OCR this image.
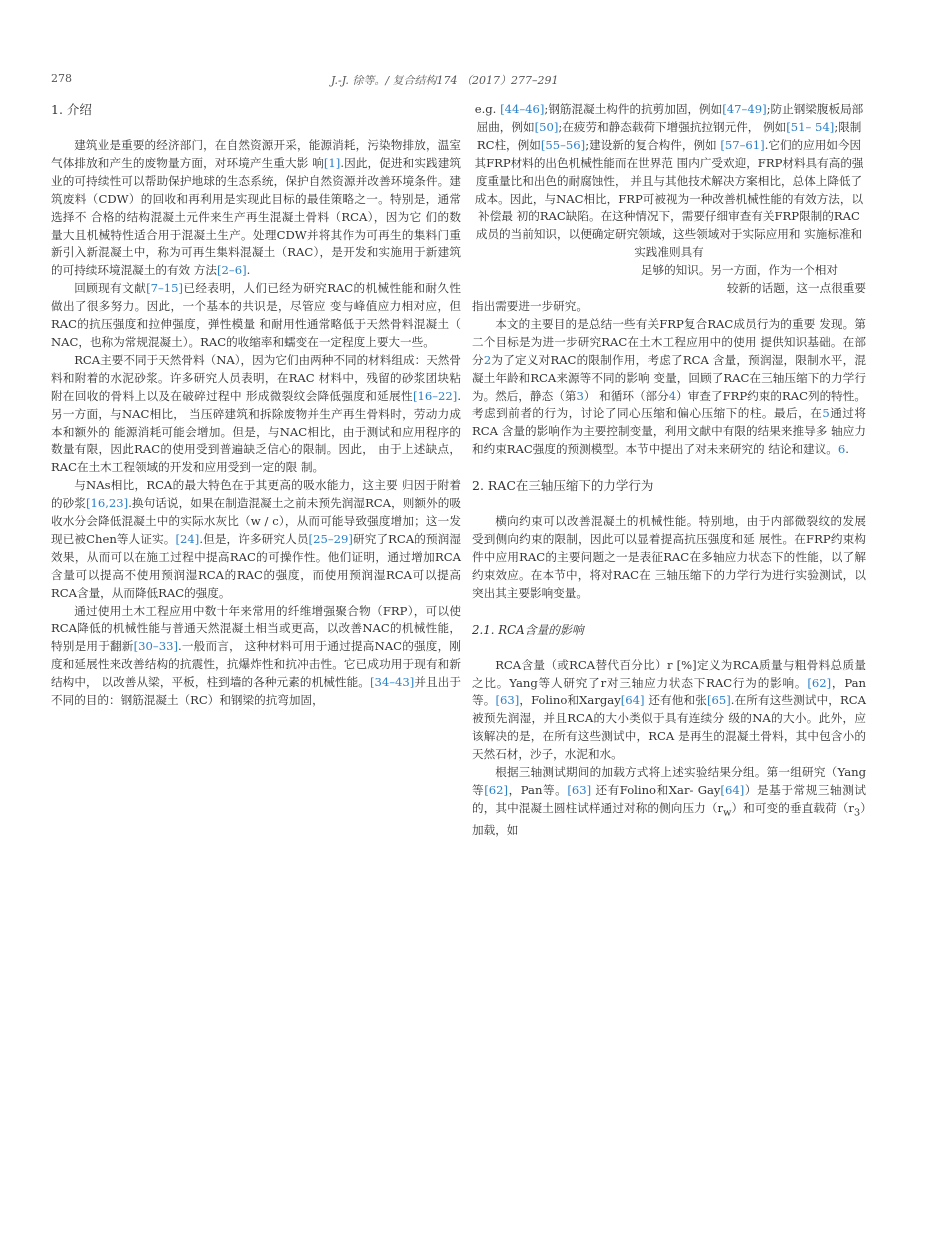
278	J.-J. 徐等。/ 复合结构174 （2017）277–291
1. 介绍

建筑业是重要的经济部门，在自然资源开采，能源消耗，污染物排放，温室气体排放和产生的废物量方面，对环境产生重大影 响[1].因此，促进和实践建筑业的可持续性可以帮助保护地球的生态系统，保护自然资源并改善环境条件。建筑废料（CDW）的回收和再利用是实现此目标的最佳策略之一。特别是，通常选择不 合格的结构混凝土元件来生产再生混凝土骨料（RCA），因为它 们的数量大且机械特性适合用于混凝土生产。处理CDW并将其作为可再生的集料门重新引入新混凝土中，称为可再生集料混凝土（RAC），是开发和实施用于新建筑的可持续环境混凝土的有效 方法[2–6].

回顾现有文献[7–15]已经表明，人们已经为研究RAC的机械性能和耐久性做出了很多努力。因此，一个基本的共识是，尽管应 变与峰值应力相对应，但RAC的抗压强度和拉伸强度，弹性模量 和耐用性通常略低于天然骨料混凝土（ NAC，也称为常规混凝土）。RAC的收缩率和蠕变在一定程度上要大一些。

RCA主要不同于天然骨料（NA），因为它们由两种不同的材料组成：天然骨料和附着的水泥砂浆。许多研究人员表明，在RAC 材料中，残留的砂浆团块粘附在回收的骨料上以及在破碎过程中 形成微裂纹会降低强度和延展性[16–22].另一方面，与NAC相比， 当压碎建筑和拆除废物并生产再生骨料时，劳动力成本和额外的 能源消耗可能会增加。但是，与NAC相比，由于测试和应用程序的数量有限，因此RAC的使用受到普遍缺乏信心的限制。因此， 由于上述缺点，RAC在土木工程领域的开发和应用受到一定的限 制。

与NAs相比，RCA的最大特色在于其更高的吸水能力，这主要 归因于附着的砂浆[16,23].换句话说，如果在制造混凝土之前未预先润湿RCA，则额外的吸收水分会降低混凝土中的实际水灰比（w / c），从而可能导致强度增加；这一发现已被Chen等人证实。[24].但是，许多研究人员[25–29]研究了RCA的预润湿效果，从而可以在施工过程中提高RAC的可操作性。他们证明，通过增加RCA含量可以提高不使用预润湿RCA的RAC的强度，而使用预润湿RCA可以提高RCA含量，从而降低RAC的强度。

通过使用土木工程应用中数十年来常用的纤维增强聚合物（FRP），可以使RCA降低的机械性能与普通天然混凝土相当或更高，以改善NAC的机械性能，特别是用于翻新[30–33].一般而言， 这种材料可用于通过提高NAC的强度，刚度和延展性来改善结构的抗震性，抗爆炸性和抗冲击性。它已成功用于现有和新结构中， 以改善从梁，平板，柱到墙的各种元素的机械性能。[34–43]并且出于不同的目的：钢筋混凝土（RC）和钢梁的抗弯加固，

e.g. [44–46];钢筋混凝土构件的抗剪加固，例如[47–49];防止钢梁腹板局部屈曲，例如[50];在疲劳和静态载荷下增强抗拉钢元件， 例如[51– 54];限制RC柱，例如[55–56];建设新的复合构件，例如 [57–61].它们的应用如今因其FRP材料的出色机械性能而在世界范 围内广受欢迎，FRP材料具有高的强度重量比和出色的耐腐蚀性， 并且与其他技术解决方案相比，总体上降低了成本。因此，与NAC相比，FRP可被视为一种改善机械性能的有效方法，以补偿最 初的RAC缺陷。在这种情况下，需要仔细审查有关FRP限制的RAC 成员的当前知识，以便确定研究领域，这些领域对于实际应用和 实施标准和实践准则具有

足够的知识。另一方面，作为一个相对

较新的话题，这一点很重要

指出需要进一步研究。

本文的主要目的是总结一些有关FRP复合RAC成员行为的重要 发现。第二个目标是为进一步研究RAC在土木工程应用中的使用 提供知识基础。在部分2为了定义对RAC的限制作用，考虑了RCA 含量，预润湿，限制水平，混凝土年龄和RCA来源等不同的影响 变量，回顾了RAC在三轴压缩下的力学行为。然后，静态（第3） 和循环（部分4）审查了FRP约束的RAC列的特性。考虑到前者的行为，讨论了同心压缩和偏心压缩下的柱。最后，在5通过将RCA 含量的影响作为主要控制变量，利用文献中有限的结果来推导多 轴应力和约束RAC强度的预测模型。本节中提出了对未来研究的 结论和建议。6.

2. RAC在三轴压缩下的力学行为

横向约束可以改善混凝土的机械性能。特别地，由于内部微裂纹的发展受到侧向约束的限制，因此可以显着提高抗压强度和延 展性。在FRP约束构件中应用RAC的主要问题之一是表征RAC在多轴应力状态下的性能，以了解约束效应。在本节中，将对RAC在 三轴压缩下的力学行为进行实验测试，以突出其主要影响变量。

2.1. RCA含量的影响

RCA含量（或RCA替代百分比）r [%]定义为RCA质量与粗骨料总质量之比。Yang等人研究了r对三轴应力状态下RAC行为的影响。[62]，Pan等。[63]，Folino和Xargay[64] 还有他和张[65].在所有这些测试中，RCA被预先润湿，并且RCA的大小类似于具有连续分 级的NA的大小。此外，应该解决的是，在所有这些测试中，RCA 是再生的混凝土骨料，其中包含小的天然石材，沙子，水泥和水。

根据三轴测试期间的加载方式将上述实验结果分组。第一组研究（Yang等[62]，Pan等。[63] 还有Folino和Xar- Gay[64]）是基于常规三轴测试的，其中混凝土圆柱试样通过对称的侧向压力$(r_w)$和可变的垂直载荷$(r_3)$加载，如
